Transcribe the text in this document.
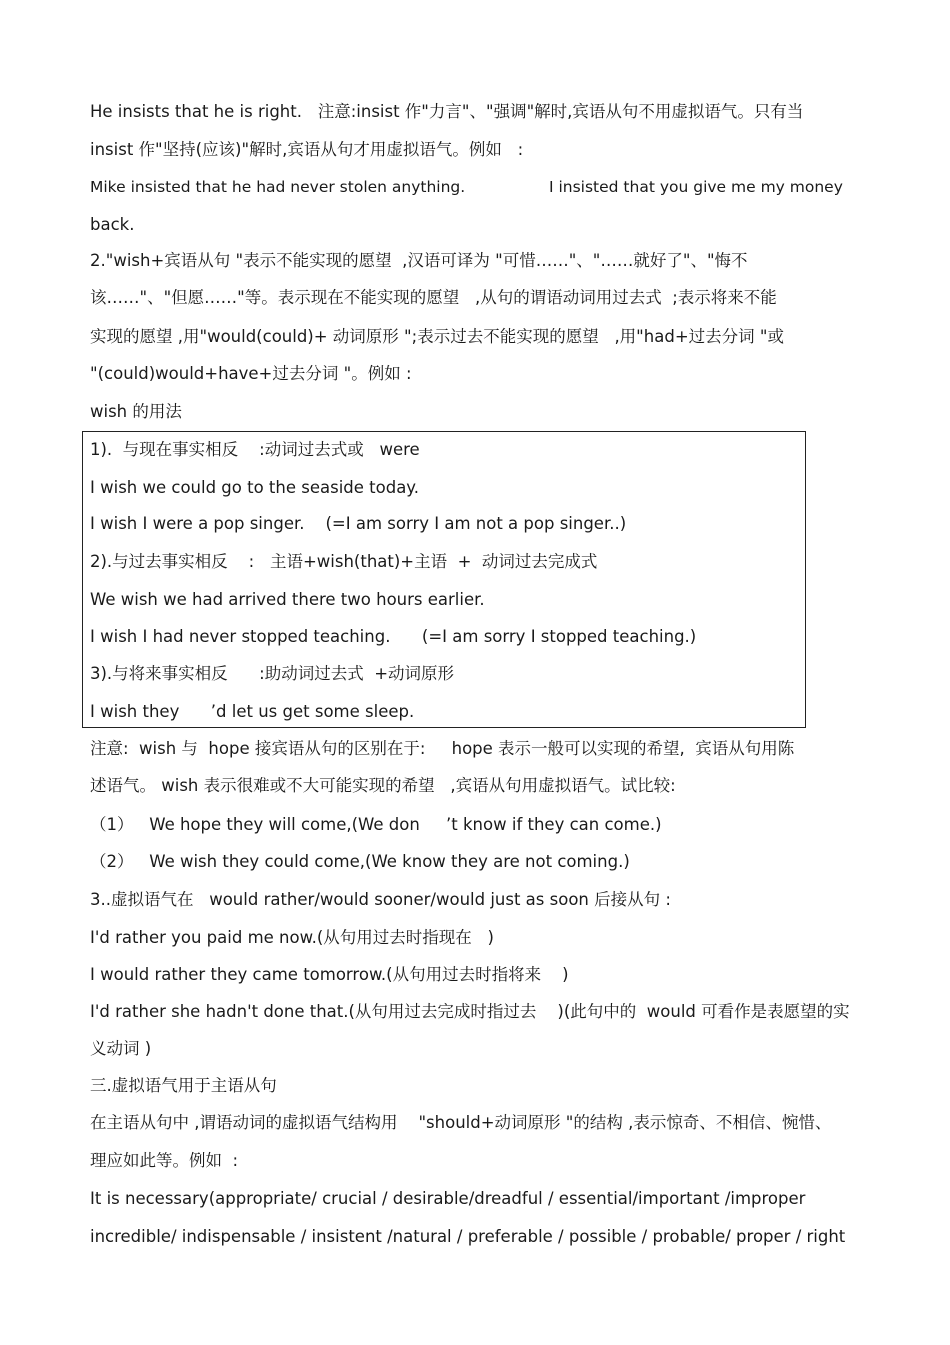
He insists that he is right.   注意:insist 作"力言"、"强调"解时,宾语从句不用虚拟语气。只有当
insist 作"坚持(应该)"解时,宾语从句才用虚拟语气。例如   :
Mike insisted that he had never stolen anything.                 I insisted that you give me my money
back.
2."wish+宾语从句 "表示不能实现的愿望  ,汉语可译为 "可惜……"、"……就好了"、"悔不
该……"、"但愿……"等。表示现在不能实现的愿望   ,从句的谓语动词用过去式  ;表示将来不能
实现的愿望 ,用"would(could)+ 动词原形 ";表示过去不能实现的愿望   ,用"had+过去分词 "或
"(could)would+have+过去分词 "。例如 :
wish 的用法
1).  与现在事实相反    :动词过去式或   were
I wish we could go to the seaside today.
I wish I were a pop singer.    (=I am sorry I am not a pop singer..)
2).与过去事实相反    :   主语+wish(that)+主语  +  动词过去完成式
We wish we had arrived there two hours earlier.
I wish I had never stopped teaching.      (=I am sorry I stopped teaching.)
3).与将来事实相反      :助动词过去式  +动词原形
I wish they      ’d let us get some sleep.
注意:  wish 与  hope 接宾语从句的区别在于:     hope 表示一般可以实现的希望,  宾语从句用陈
述语气。 wish 表示很难或不大可能实现的希望   ,宾语从句用虚拟语气。试比较:
（1）   We hope they will come,(We don     ’t know if they can come.)
（2）   We wish they could come,(We know they are not coming.)
3..虚拟语气在   would rather/would sooner/would just as soon 后接从句 :
I'd rather you paid me now.(从句用过去时指现在   )
I would rather they came tomorrow.(从句用过去时指将来    )
I'd rather she hadn't done that.(从句用过去完成时指过去    )(此句中的  would 可看作是表愿望的实
义动词 )
三.虚拟语气用于主语从句
在主语从句中 ,谓语动词的虚拟语气结构用    "should+动词原形 "的结构 ,表示惊奇、不相信、惋惜、
理应如此等。例如  :
It is necessary(appropriate/ crucial / desirable/dreadful / essential/important /improper
incredible/ indispensable / insistent /natural / preferable / possible / probable/ proper / right
